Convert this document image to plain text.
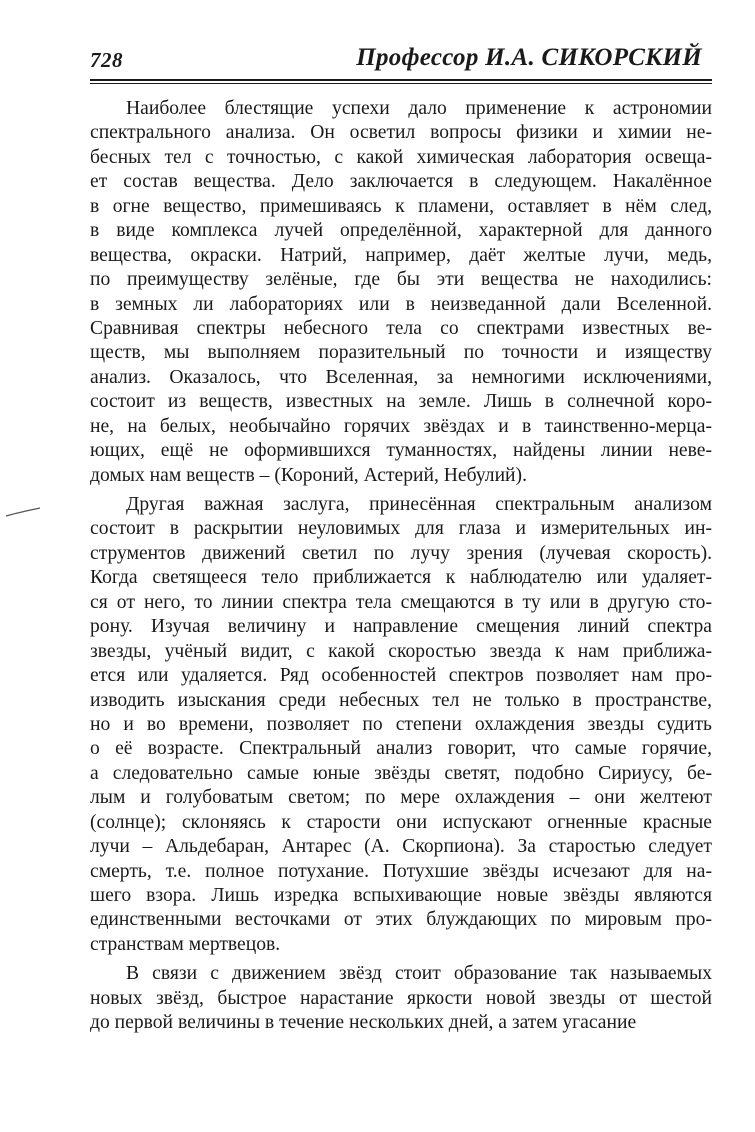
728	Профессор И.А. СИКОРСКИЙ
Наиболее блестящие успехи дало применение к астрономии
спектрального анализа. Он осветил вопросы физики и химии не-
бесных тел с точностью, с какой химическая лаборатория освеща-
ет состав вещества. Дело заключается в следующем. Накалённое
в огне вещество, примешиваясь к пламени, оставляет в нём след,
в виде комплекса лучей определённой, характерной для данного
вещества, окраски. Натрий, например, даёт желтые лучи, медь,
по преимуществу зелёные, где бы эти вещества не находились:
в земных ли лабораториях или в неизведанной дали Вселенной.
Сравнивая спектры небесного тела со спектрами известных ве-
ществ, мы выполняем поразительный по точности и изяществу
анализ. Оказалось, что Вселенная, за немногими исключениями,
состоит из веществ, известных на земле. Лишь в солнечной коро-
не, на белых, необычайно горячих звёздах и в таинственно-мерца-
ющих, ещё не оформившихся туманностях, найдены линии неве-
домых нам веществ – (Короний, Астерий, Небулий).
Другая важная заслуга, принесённая спектральным анализом
состоит в раскрытии неуловимых для глаза и измерительных ин-
струментов движений светил по лучу зрения (лучевая скорость).
Когда светящееся тело приближается к наблюдателю или удаляет-
ся от него, то линии спектра тела смещаются в ту или в другую сто-
рону. Изучая величину и направление смещения линий спектра
звезды, учёный видит, с какой скоростью звезда к нам приближа-
ется или удаляется. Ряд особенностей спектров позволяет нам про-
изводить изыскания среди небесных тел не только в пространстве,
но и во времени, позволяет по степени охлаждения звезды судить
о её возрасте. Спектральный анализ говорит, что самые горячие,
а следовательно самые юные звёзды светят, подобно Сириусу, бе-
лым и голубоватым светом; по мере охлаждения – они желтеют
(солнце); склоняясь к старости они испускают огненные красные
лучи – Альдебаран, Антарес (А. Скорпиона). За старостью следует
смерть, т.е. полное потухание. Потухшие звёзды исчезают для на-
шего взора. Лишь изредка вспыхивающие новые звёзды являются
единственными весточками от этих блуждающих по мировым про-
странствам мертвецов.
В связи с движением звёзд стоит образование так называемых
новых звёзд, быстрое нарастание яркости новой звезды от шестой
до первой величины в течение нескольких дней, а затем угасание
